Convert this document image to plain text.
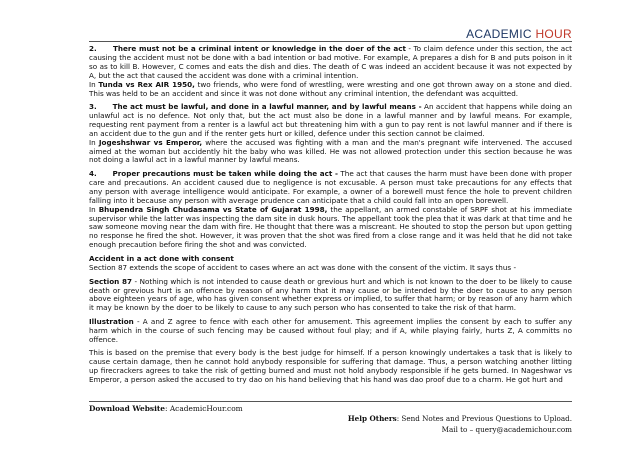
ACADEMIC HOUR

2.      There must not be a criminal intent or knowledge in the doer of the act - To claim defence under this section, the act causing the accident must not be done with a bad intention or bad motive. For example, A prepares a dish for B and puts poison in it so as to kill B. However, C comes and eats the dish and dies. The death of C was indeed an accident because it was not expected by A, but the act that caused the accident was done with a criminal intention.
In Tunda vs Rex AIR 1950, two friends, who were fond of wrestling, were wresting and one got thrown away on a stone and died. This was held to be an accident and since it was not done without any criminal intention, the defendant was acquitted.

3.      The act must be lawful, and done in a lawful manner, and by lawful means - An accident that happens while doing an unlawful act is no defence. Not only that, but the act must also be done in a lawful manner and by lawful means. For example, requesting rent payment from a renter is a lawful act but threatening him with a gun to pay rent is not lawful manner and if there is an accident due to the gun and if the renter gets hurt or killed, defence under this section cannot be claimed.
In Jogeshshwar vs Emperor, where the accused was fighting with a man and the man's pregnant wife intervened. The accused aimed at the woman but accidently hit the baby who was killed. He was not allowed protection under this section because he was not doing a lawful act in a lawful manner by lawful means.

4.      Proper precautions must be taken while doing the act - The act that causes the harm must have been done with proper care and precautions. An accident caused due to negligence is not excusable. A person must take precautions for any effects that any person with average intelligence would anticipate. For example, a owner of a borewell must fence the hole to prevent children falling into it because any person with average prudence can anticipate that a child could fall into an open borewell.
In Bhupendra Singh Chudasama vs State of Gujarat 1998, the appellant, an armed constable of SRPF shot at his immediate supervisor while the latter was inspecting the dam site in dusk hours. The appellant took the plea that it was dark at that time and he saw someone moving near the dam with fire. He thought that there was a miscreant. He shouted to stop the person but upon getting no response he fired the shot. However, it was proven that the shot was fired from a close range and it was held that he did not take enough precaution before firing the shot and was convicted.

Accident in a act done with consent

Section 87 extends the scope of accident to cases where an act was done with the consent of the victim. It says thus -

Section 87 - Nothing which is not intended to cause death or grevious hurt and which is not known to the doer to be likely to cause death or grevious hurt is an offence by reason of any harm that it may cause or be intended by the doer to cause to any person above eighteen years of age, who has given consent whether express or implied, to suffer that harm; or by reason of any harm which it may be known by the doer to be likely to cause to any such person who has consented to take the risk of that harm.

Illustration - A and Z agree to fence with each other for amusement. This agreement implies the consent by each to suffer any harm which in the course of such fencing may be caused without foul play; and if A, while playing fairly, hurts Z, A committs no offence.

This is based on the premise that every body is the best judge for himself. If a person knowingly undertakes a task that is likely to cause certain damage, then he cannot hold anybody responsible for suffering that damage. Thus, a person watching another litting up firecrackers agrees to take the risk of getting burned and must not hold anybody responsible if he gets burned. In Nageshwar vs Emperor, a person asked the accused to try dao on his hand believing that his hand was dao proof due to a charm. He got hurt and

Download Website: AcademicHour.com
Help Others: Send Notes and Previous Questions to Upload.
Mail to – query@academichour.com
